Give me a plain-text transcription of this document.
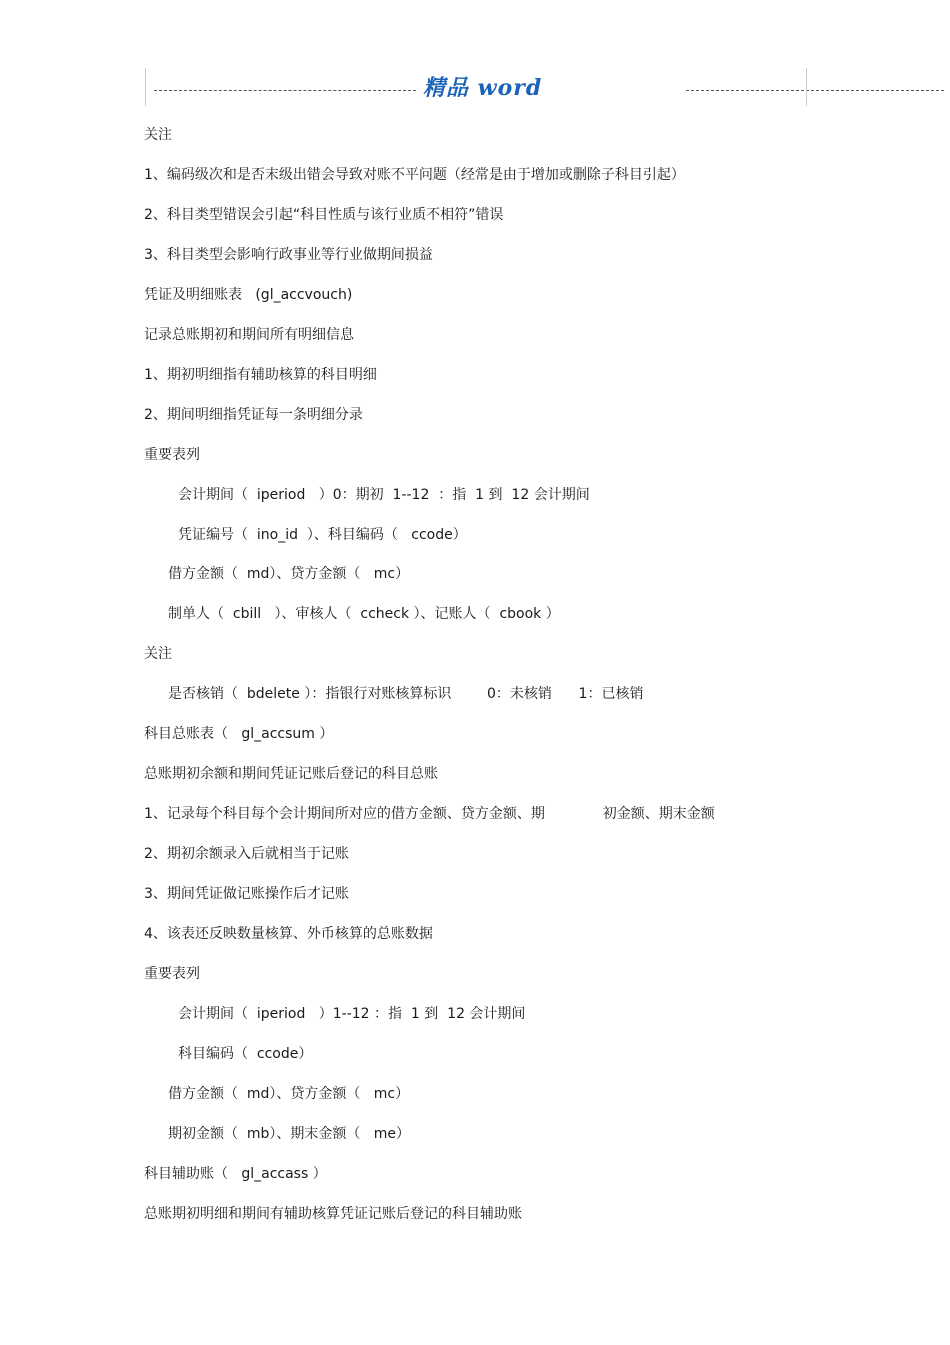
精品 word
关注
1、编码级次和是否末级出错会导致对账不平问题（经常是由于增加或删除子科目引起）
2、科目类型错误会引起“科目性质与该行业质不相符”错误
3、科目类型会影响行政事业等行业做期间损益
凭证及明细账表   (gl_accvouch)
记录总账期初和期间所有明细信息
1、期初明细指有辅助核算的科目明细
2、期间明细指凭证每一条明细分录
重要表列
会计期间（  iperiod   ）0：期初  1--12  ：指  1 到  12 会计期间
凭证编号（  ino_id  ）、科目编码（   ccode）
借方金额（  md）、贷方金额（   mc）
制单人（  cbill   ）、审核人（  ccheck ）、记账人（  cbook ）
关注
是否核销（  bdelete ）：指银行对账核算标识        0：未核销      1：已核销
科目总账表（   gl_accsum ）
总账期初余额和期间凭证记账后登记的科目总账
1、记录每个科目每个会计期间所对应的借方金额、贷方金额、期             初金额、期末金额
2、期初余额录入后就相当于记账
3、期间凭证做记账操作后才记账
4、该表还反映数量核算、外币核算的总账数据
重要表列
会计期间（  iperiod   ）1--12 ：指  1 到  12 会计期间
科目编码（  ccode）
借方金额（  md）、贷方金额（   mc）
期初金额（  mb）、期末金额（   me）
科目辅助账（   gl_accass ）
总账期初明细和期间有辅助核算凭证记账后登记的科目辅助账
